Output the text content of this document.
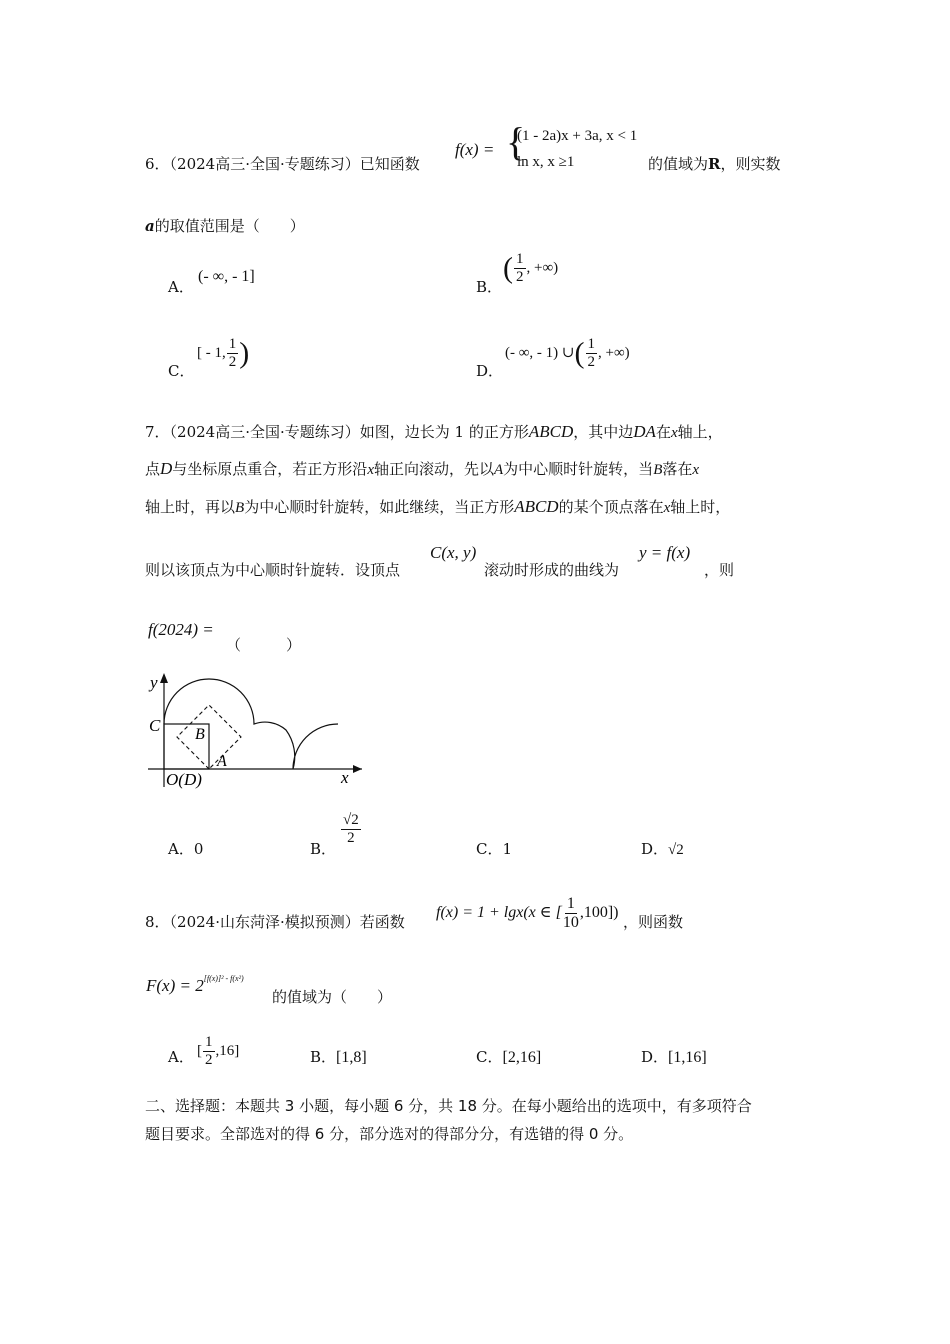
6．（2024高三·全国·专题练习）已知函数
f(x) = {
(1 - 2a)x + 3a, x < 1
ln x, x ≥1	的值域为R，则实数
a的取值范围是（　　）
A．
(- ∞, - 1]
B．
( $\frac{1}{2}$ , +∞)
C．
[ - 1, $\frac{1}{2}$ )
D．
(- ∞, - 1) ∪( $\frac{1}{2}$ , +∞)
7．（2024高三·全国·专题练习）如图，边长为 1 的正方形ABCD，其中边DA在x轴上，
点D与坐标原点重合，若正方形沿x轴正向滚动，先以A为中心顺时针旋转，当B落在x
轴上时，再以B为中心顺时针旋转，如此继续，当正方形ABCD的某个顶点落在x轴上时，
则以该顶点为中心顺时针旋转．设顶点
C(x, y)
滚动时形成的曲线为
y = f(x)
，则
f(2024) =
（　　　）
y
x
C B
A
O(D)
A．0	B．
$\frac{√2}{2}$
C．1	D．√2
8．（2024·山东菏泽·模拟预测）若函数
f(x) = 1 + lgx(x ∈ [ $\frac{1}{10} ,100$])
，则函数
$F(x) = 2^{[f(x)]^2 - f(x^2)}$
的值域为（　　）
A． [ $\frac{1}{2} ,16$]	B．[1,8]	C．[2,16]	D．[1,16]
二、选择题：本题共 3 小题，每小题 6 分，共 18 分。在每小题给出的选项中，有多项符合
题目要求。全部选对的得 6 分，部分选对的得部分分，有选错的得 0 分。
